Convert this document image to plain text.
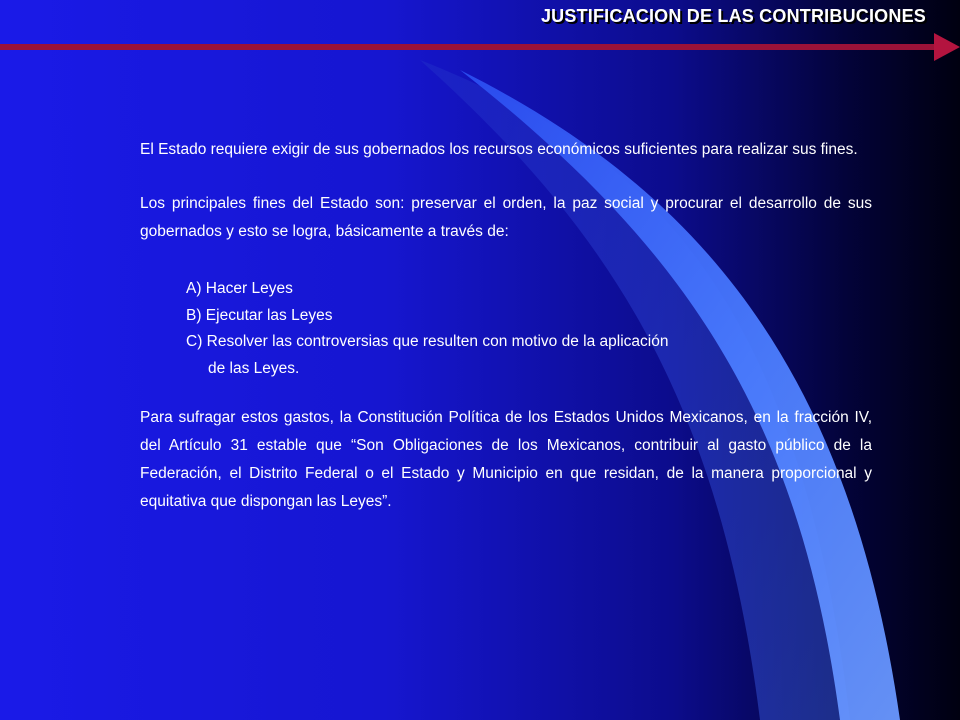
JUSTIFICACION DE LAS CONTRIBUCIONES

El Estado requiere exigir de sus gobernados los recursos económicos suficientes para realizar sus fines.

Los principales fines del Estado son: preservar el orden, la paz social y procurar el desarrollo de sus gobernados y esto se logra, básicamente a través de:

A) Hacer Leyes
B) Ejecutar las Leyes
C) Resolver las controversias que resulten con motivo de la aplicación
de las Leyes.

Para sufragar estos gastos, la Constitución Política de los Estados Unidos Mexicanos, en la fracción IV, del Artículo 31 estable que “Son Obligaciones de los Mexicanos, contribuir al gasto público de la Federación, el Distrito Federal o el Estado y Municipio en que residan, de la manera proporcional y equitativa que dispongan las Leyes”.
